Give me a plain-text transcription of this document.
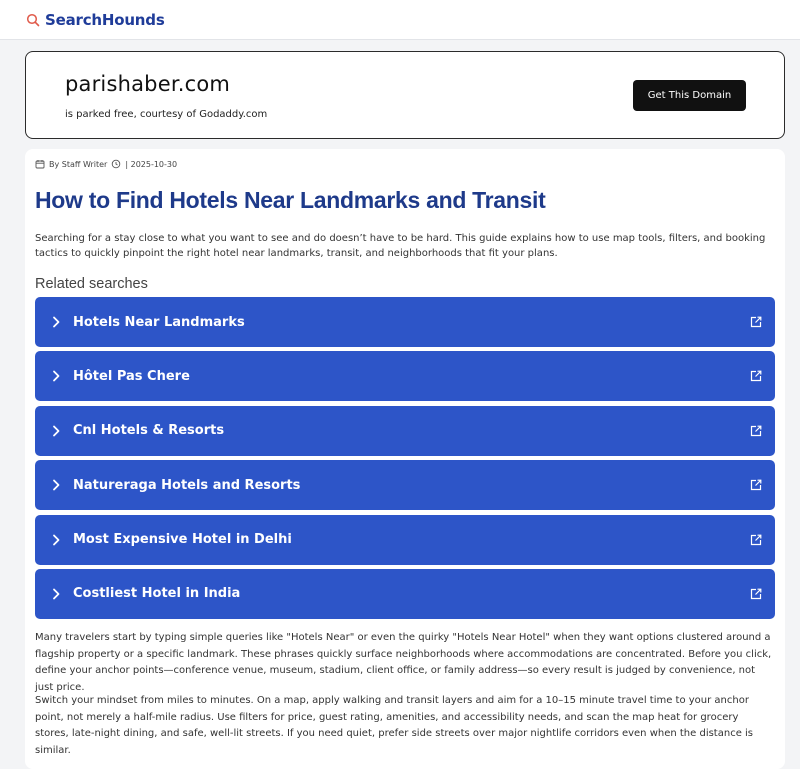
SearchHounds
parishaber.com
is parked free, courtesy of Godaddy.com
Get This Domain
By Staff Writer | 2025-10-30
How to Find Hotels Near Landmarks and Transit

Searching for a stay close to what you want to see and do doesn’t have to be hard. This guide explains how to use map tools, filters, and booking tactics to quickly pinpoint the right hotel near landmarks, transit, and neighborhoods that fit your plans.

Related searches
Hotels Near Landmarks
Hôtel Pas Chere
Cnl Hotels & Resorts
Natureraga Hotels and Resorts
Most Expensive Hotel in Delhi
Costliest Hotel in India

Many travelers start by typing simple queries like "Hotels Near" or even the quirky "Hotels Near Hotel" when they want options clustered around a flagship property or a specific landmark. These phrases quickly surface neighborhoods where accommodations are concentrated. Before you click, define your anchor points—conference venue, museum, stadium, client office, or family address—so every result is judged by convenience, not just price.

Switch your mindset from miles to minutes. On a map, apply walking and transit layers and aim for a 10–15 minute travel time to your anchor point, not merely a half-mile radius. Use filters for price, guest rating, amenities, and accessibility needs, and scan the map heat for grocery stores, late-night dining, and safe, well-lit streets. If you need quiet, prefer side streets over major nightlife corridors even when the distance is similar.
